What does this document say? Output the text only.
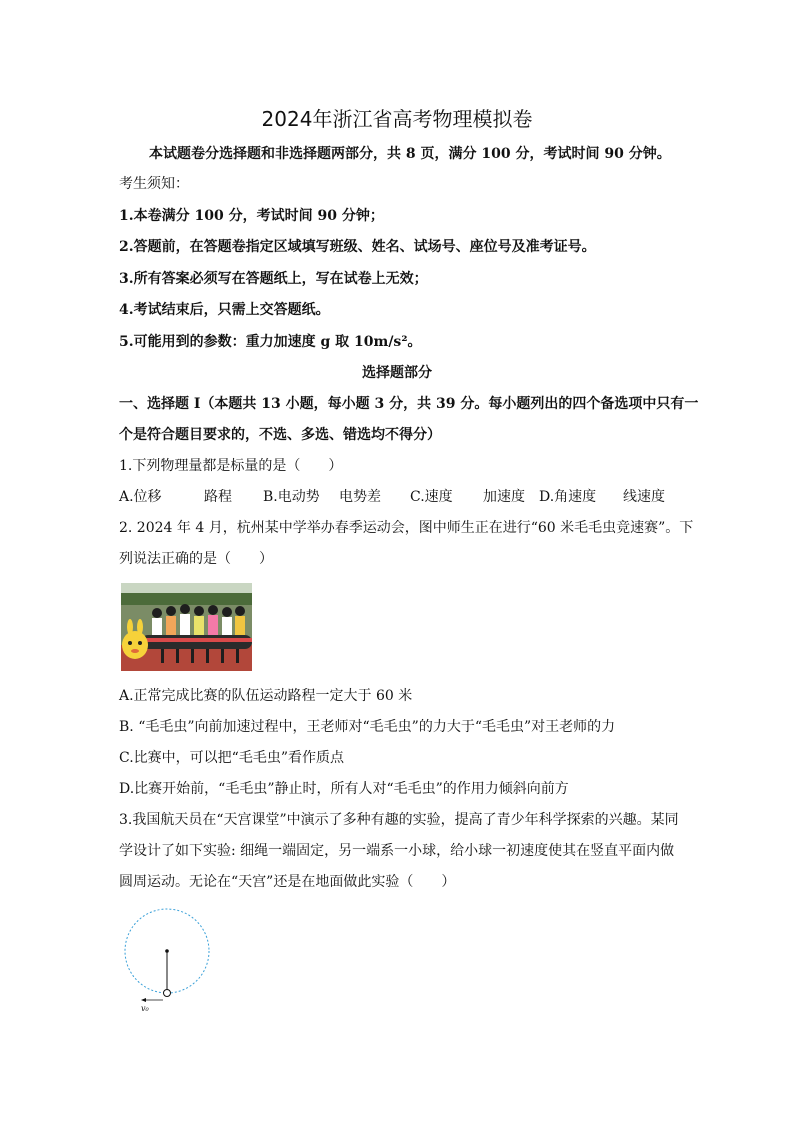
2024年浙江省高考物理模拟卷
本试题卷分选择题和非选择题两部分，共 8 页，满分 100 分，考试时间 90 分钟。
考生须知：
1.本卷满分 100 分，考试时间 90 分钟；
2.答题前，在答题卷指定区域填写班级、姓名、试场号、座位号及准考证号。
3.所有答案必须写在答题纸上，写在试卷上无效；
4.考试结束后，只需上交答题纸。
5.可能用到的参数：重力加速度 g 取 10m/s²。
选择题部分
一、选择题 I（本题共 13 小题，每小题 3 分，共 39 分。每小题列出的四个备选项中只有一
个是符合题目要求的，不选、多选、错选均不得分）
1.下列物理量都是标量的是（　　）
A.位移	路程 B.电动势 电势差 C.速度 加速度 D.角速度 线速度
2. 2024 年 4 月，杭州某中学举办春季运动会，图中师生正在进行“60 米毛毛虫竞速赛”。下
列说法正确的是（　　）
A.正常完成比赛的队伍运动路程一定大于 60 米
B. “毛毛虫”向前加速过程中，王老师对“毛毛虫”的力大于“毛毛虫”对王老师的力
C.比赛中，可以把“毛毛虫”看作质点
D.比赛开始前，“毛毛虫”静止时，所有人对“毛毛虫”的作用力倾斜向前方
3.我国航天员在“天宫课堂”中演示了多种有趣的实验，提高了青少年科学探索的兴趣。某同
学设计了如下实验: 细绳一端固定，另一端系一小球，给小球一初速度使其在竖直平面内做
圆周运动。无论在“天宫”还是在地面做此实验（　　）
v₀
